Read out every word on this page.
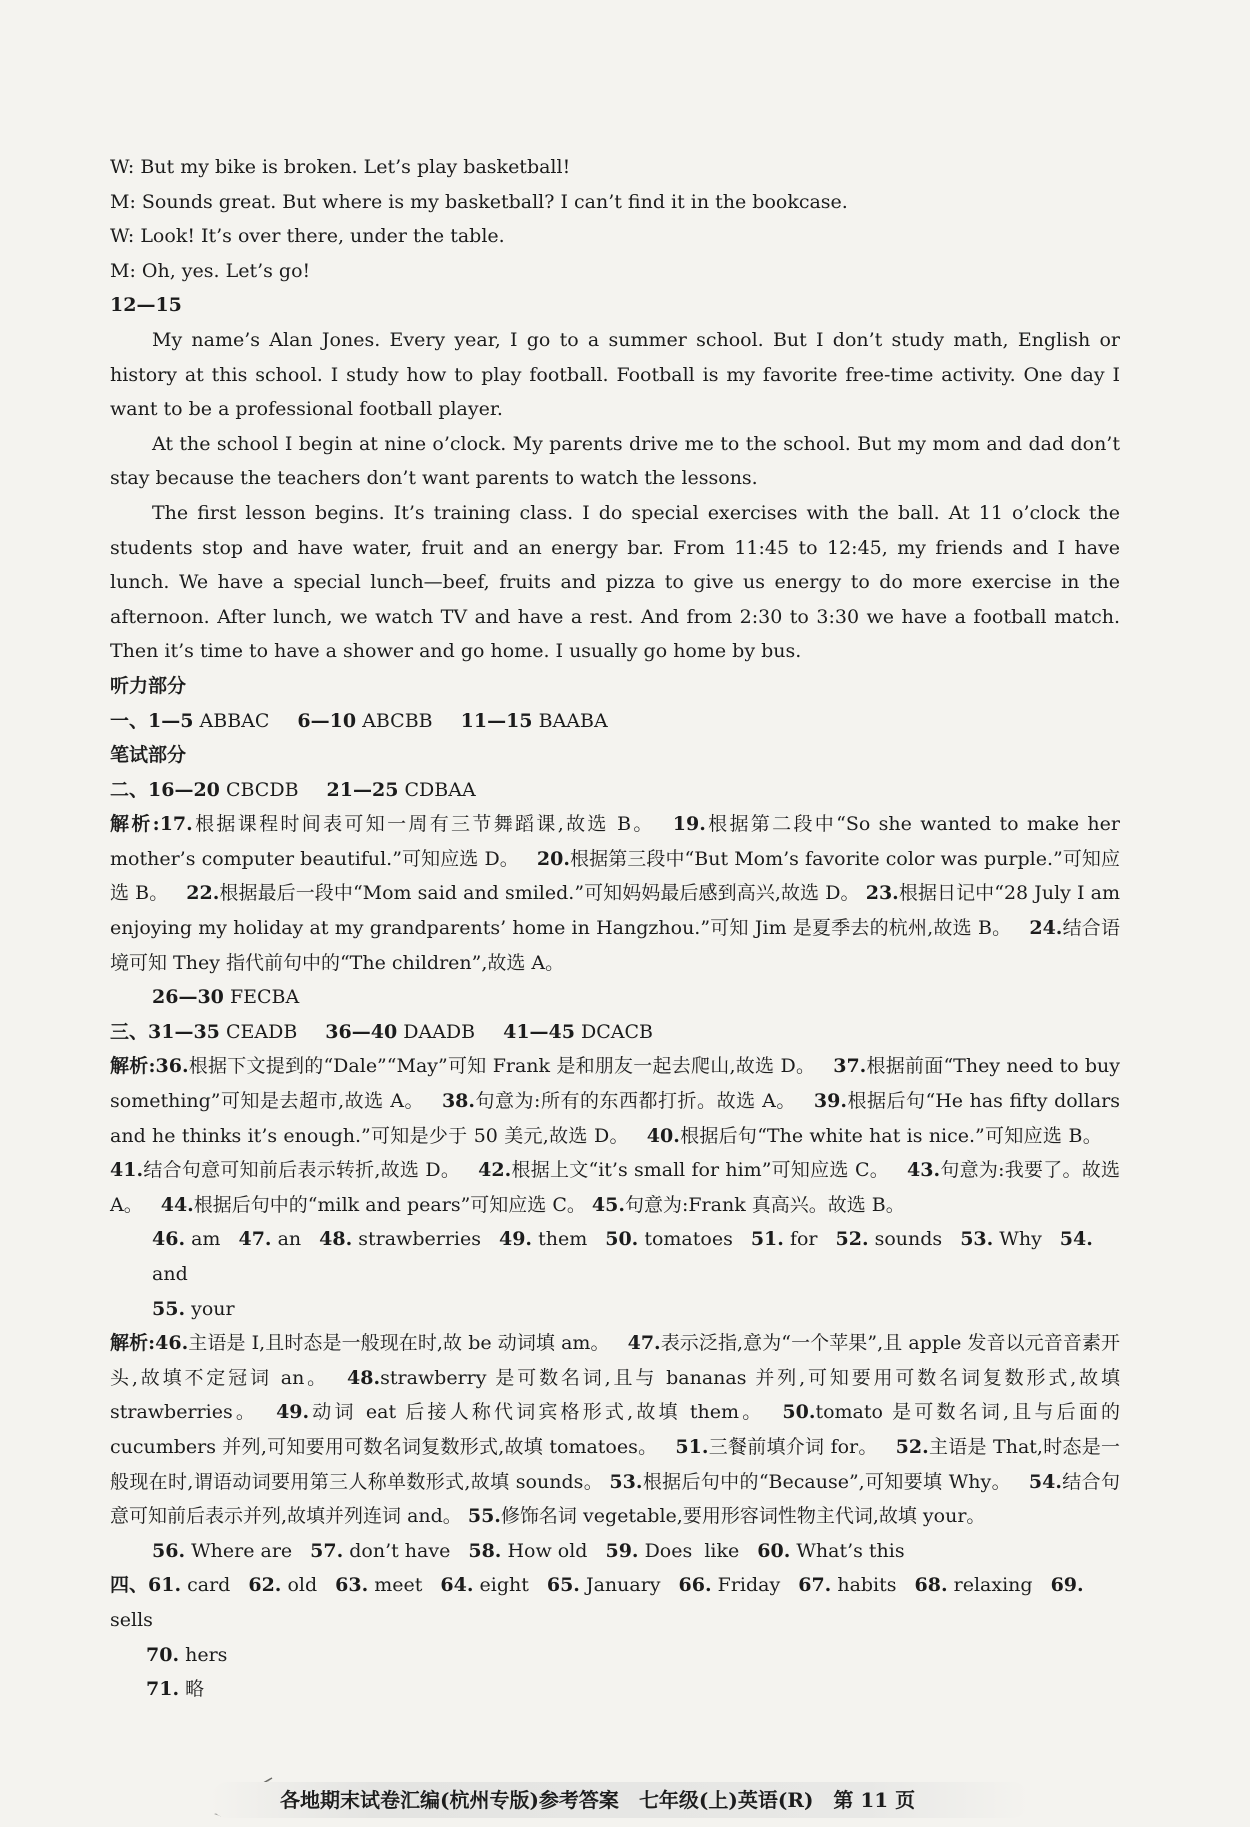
W: But my bike is broken. Let’s play basketball!
M: Sounds great. But where is my basketball? I can’t find it in the bookcase.
W: Look! It’s over there, under the table.
M: Oh, yes. Let’s go!
12—15
My name’s Alan Jones. Every year, I go to a summer school. But I don’t study math, English or history at this school. I study how to play football. Football is my favorite free-time activity. One day I want to be a professional football player.
At the school I begin at nine o’clock. My parents drive me to the school. But my mom and dad don’t stay because the teachers don’t want parents to watch the lessons.
The first lesson begins. It’s training class. I do special exercises with the ball. At 11 o’clock the students stop and have water, fruit and an energy bar. From 11:45 to 12:45, my friends and I have lunch. We have a special lunch—beef, fruits and pizza to give us energy to do more exercise in the afternoon. After lunch, we watch TV and have a rest. And from 2:30 to 3:30 we have a football match. Then it’s time to have a shower and go home. I usually go home by bus.
听力部分
一、1—5 ABBAC 6—10 ABCBB 11—15 BAABA
笔试部分
二、16—20 CBCDB 21—25 CDBAA
解析:17.根据课程时间表可知一周有三节舞蹈课,故选 B。 19.根据第二段中“So she wanted to make her mother’s computer beautiful.”可知应选 D。 20.根据第三段中“But Mom’s favorite color was purple.”可知应选 B。 22.根据最后一段中“Mom said and smiled.”可知妈妈最后感到高兴,故选 D。 23.根据日记中“28 July I am enjoying my holiday at my grandparents’ home in Hangzhou.”可知 Jim 是夏季去的杭州,故选 B。 24.结合语境可知 They 指代前句中的“The children”,故选 A。
26—30 FECBA
三、31—35 CEADB 36—40 DAADB 41—45 DCACB
解析:36.根据下文提到的“Dale”“May”可知 Frank 是和朋友一起去爬山,故选 D。 37.根据前面“They need to buy something”可知是去超市,故选 A。 38.句意为:所有的东西都打折。故选 A。 39.根据后句“He has fifty dollars and he thinks it’s enough.”可知是少于 50 美元,故选 D。 40.根据后句“The white hat is nice.”可知应选 B。41.结合句意可知前后表示转折,故选 D。 42.根据上文“it’s small for him”可知应选 C。 43.句意为:我要了。故选 A。 44.根据后句中的“milk and pears”可知应选 C。 45.句意为:Frank 真高兴。故选 B。
46. am 47. an 48. strawberries 49. them 50. tomatoes 51. for 52. sounds 53. Why 54. and
55. your
解析:46.主语是 I,且时态是一般现在时,故 be 动词填 am。 47.表示泛指,意为“一个苹果”,且 apple 发音以元音音素开头,故填不定冠词 an。 48.strawberry 是可数名词,且与 bananas 并列,可知要用可数名词复数形式,故填 strawberries。 49.动词 eat 后接人称代词宾格形式,故填 them。 50.tomato 是可数名词,且与后面的 cucumbers 并列,可知要用可数名词复数形式,故填 tomatoes。 51.三餐前填介词 for。 52.主语是 That,时态是一般现在时,谓语动词要用第三人称单数形式,故填 sounds。 53.根据后句中的“Because”,可知要填 Why。 54.结合句意可知前后表示并列,故填并列连词 and。 55.修饰名词 vegetable,要用形容词性物主代词,故填 your。
56. Where are 57. don’t have 58. How old 59. Does  like 60. What’s this
四、61. card 62. old 63. meet 64. eight 65. January 66. Friday 67. habits 68. relaxing 69. sells
70. hers
71. 略
各地期末试卷汇编(杭州专版)参考答案 七年级(上)英语(R) 第 11 页
